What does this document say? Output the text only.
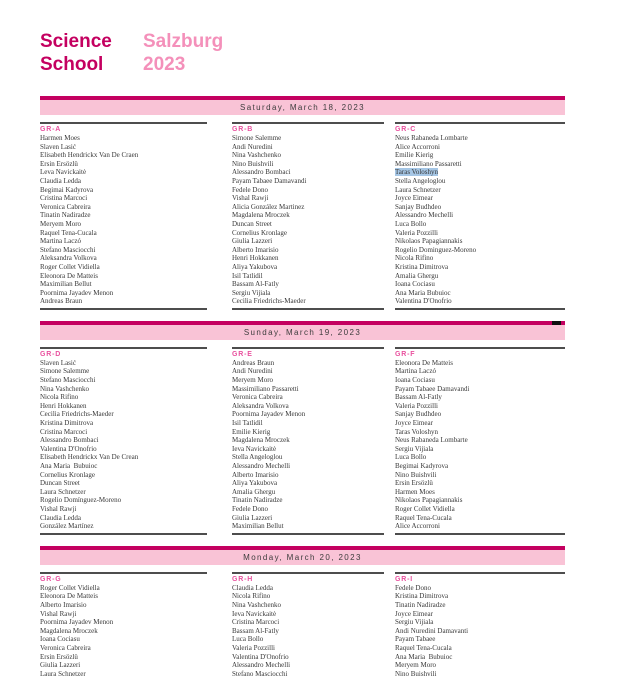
Science
School
Salzburg
2023
Saturday, March 18, 2023
GR-A
Harmen Moes
Slaven Lasić
Elisabeth Hendrickx Van De Craen
Ersin Ersözlü
Leva Navickaitė
Claudia Ledda
Begimai Kadyrova
Cristina Marcoci
Veronica Cabreira
Tinatin Nadiradze
Meryem Moro
Raquel Tena-Cucala
Martina Laczó
Stefano Masciocchi
Aleksandra Volkova
Roger Collet Vidiella
Eleonora De Matteis
Maximilian Bellut
Poornima Jayadev Menon
Andreas Braun
GR-B
Simone Salemme
Andi Nuredini
Nina Vashchenko
Nino Buishvili
Alessandro Bombaci
Payam Tabaee Damavandi
Fedele Dono
Vishal Rawji
Alicia González Martinez
Magdalena Mroczek
Duncan Street
Cornelius Kronlage
Giulia Lazzeri
Alberto Imarisio
Henri Hokkanen
Aliya Yakubova
Isil Tatlidil
Bassam Al-Fatly
Sergiu Vijiala
Cecilia Friedrichs-Maeder
GR-C
Neus Rabaneda Lombarte
Alice Accorroni
Emilie Kierig
Massimiliano Passaretti
Taras Voloshyn
Stella Angeloglou
Laura Schnetzer
Joyce Eimear
Sanjay Budhdeo
Alessandro Mechelli
Luca Bollo
Valeria Pozzilli
Nikolaos Papagiannakis
Rogelio Dominguez-Moreno
Nicola Rifino
Kristina Dimitrova
Amalia Ghergu
Ioana Cociasu
Ana Maria Bubuioc
Valentina D'Onofrio
Sunday, March 19, 2023
GR-D
Slaven Lasić
Simone Salemme
Stefano Masciocchi
Nina Vashchenko
Nicola Rifino
Henri Hokkanen
Cecilia Friedrichs-Maeder
Kristina Dimitrova
Cristina Marcoci
Alessandro Bombaci
Valentina D'Onofrio
Elisabeth Hendrickx Van De Crean
Ana Maria  Bubuioc
Cornelius Kronlage
Duncan Street
Laura Schnetzer
Rogelio Domínguez-Moreno
Vishal Rawji
Claudia Ledda
González Martínez
GR-E
Andreas Braun
Andi Nuredini
Meryem Moro
Massimiliano Passaretti
Veronica Cabreira
Aleksandra Volkova
Poornima Jayadev Menon
Isil Tatlidil
Emilie Kierig
Magdalena Mroczek
Ieva Navickaitė
Stella Angeloglou
Alessandro Mechelli
Alberto Imarisio
Aliya Yakubova
Amalia Ghergu
Tinatin Nadiradze
Fedele Dono
Giulia Lazzeri
Maximilian Bellut
GR-F
Eleonora De Matteis
Martina Laczó
Ioana Cociasu
Payam Tabaee Damavandi
Bassam Al-Fatly
Valeria Pozzilli
Sanjay Budhdeo
Joyce Eimear
Taras Voloshyn
Neus Rabaneda Lombarte
Sergiu Vijiala
Luca Bollo
Begimai Kadyrova
Nino Buishvili
Ersin Ersözlü
Harmen Moes
Nikolaos Papagiannakis
Roger Collet Vidiella
Raquel Tena-Cucala
Alice Accorroni
Monday, March 20, 2023
GR-G
Roger Collet Vidiella
Eleonora De Matteis
Alberto Imarisio
Vishal Rawji
Poornima Jayadev Menon
Magdalena Mroczek
Ioana Cociasu
Veronica Cabreira
Ersin Ersözlü
Giulia Lazzeri
Laura Schnetzer
GR-H
Claudia Ledda
Nicola Rifino
Nina Vashchenko
Ieva Navickaitė
Cristina Marcoci
Bassam Al-Fatly
Luca Bollo
Valeria Pozzilli
Valentina D'Onofrio
Alessandro Mechelli
Stefano Masciocchi
GR-I
Fedele Dono
Kristina Dimitrova
Tinatin Nadiradze
Joyce Eimear
Sergiu Vijiala
Andi Nuredini Damavanti
Payam Tabaee
Raquel Tena-Cucala
Ana Maria  Bubuioc
Meryem Moro
Nino Buishvili
